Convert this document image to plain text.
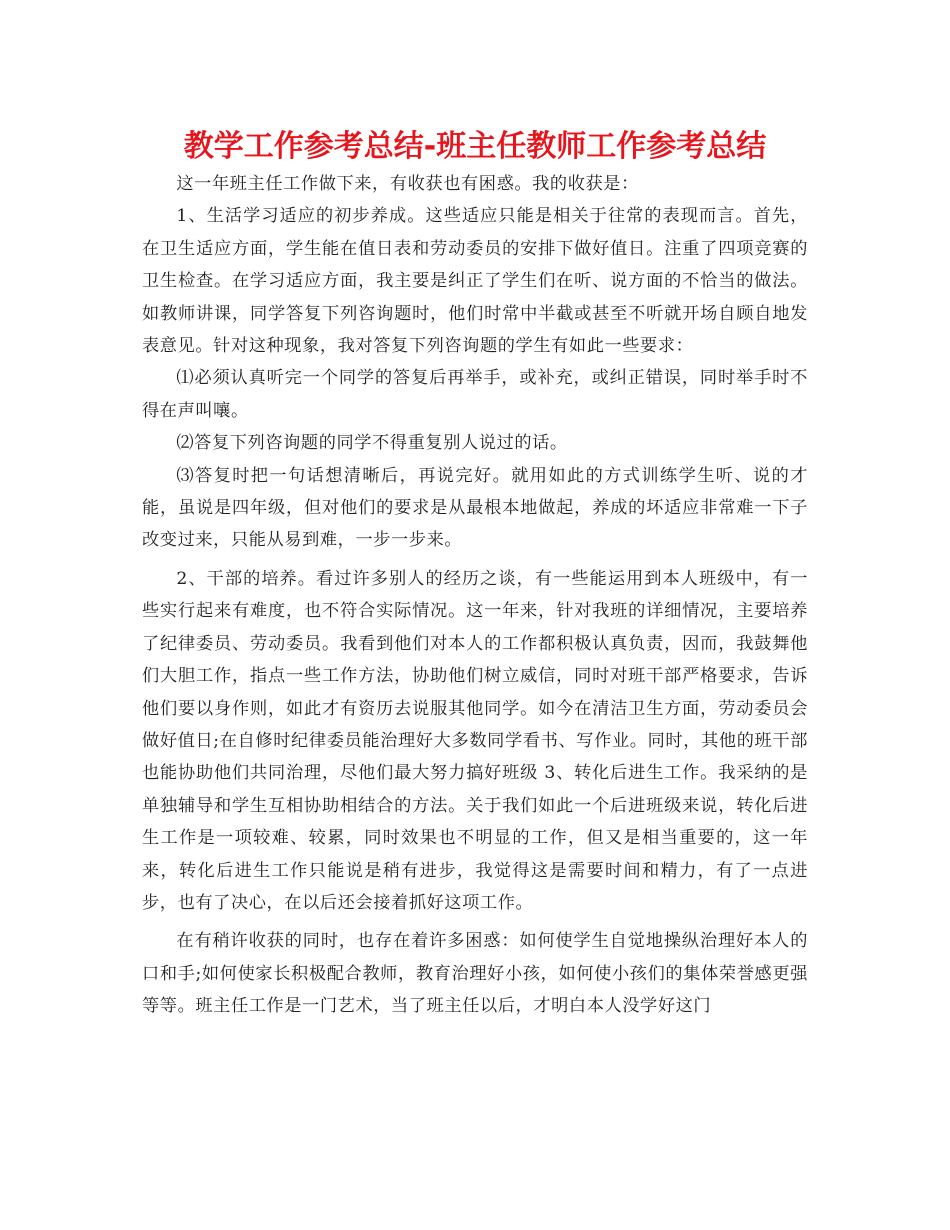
教学工作参考总结-班主任教师工作参考总结

这一年班主任工作做下来，有收获也有困惑。我的收获是：

1、生活学习适应的初步养成。这些适应只能是相关于往常的表现而言。首先，在卫生适应方面，学生能在值日表和劳动委员的安排下做好值日。注重了四项竞赛的卫生检查。在学习适应方面，我主要是纠正了学生们在听、说方面的不恰当的做法。如教师讲课，同学答复下列咨询题时，他们时常中半截或甚至不听就开场自顾自地发表意见。针对这种现象，我对答复下列咨询题的学生有如此一些要求：

⑴必须认真听完一个同学的答复后再举手，或补充，或纠正错误，同时举手时不得在声叫嚷。

⑵答复下列咨询题的同学不得重复别人说过的话。

⑶答复时把一句话想清晰后，再说完好。就用如此的方式训练学生听、说的才能，虽说是四年级，但对他们的要求是从最根本地做起，养成的坏适应非常难一下子改变过来，只能从易到难，一步一步来。

2、干部的培养。看过许多别人的经历之谈，有一些能运用到本人班级中，有一些实行起来有难度，也不符合实际情况。这一年来，针对我班的详细情况，主要培养了纪律委员、劳动委员。我看到他们对本人的工作都积极认真负责，因而，我鼓舞他们大胆工作，指点一些工作方法，协助他们树立威信，同时对班干部严格要求，告诉他们要以身作则，如此才有资历去说服其他同学。如今在清洁卫生方面，劳动委员会做好值日;在自修时纪律委员能治理好大多数同学看书、写作业。同时，其他的班干部也能协助他们共同治理，尽他们最大努力搞好班级 3、转化后进生工作。我采纳的是单独辅导和学生互相协助相结合的方法。关于我们如此一个后进班级来说，转化后进生工作是一项较难、较累，同时效果也不明显的工作，但又是相当重要的，这一年来，转化后进生工作只能说是稍有进步，我觉得这是需要时间和精力，有了一点进步，也有了决心，在以后还会接着抓好这项工作。

在有稍许收获的同时，也存在着许多困惑：如何使学生自觉地操纵治理好本人的口和手;如何使家长积极配合教师，教育治理好小孩，如何使小孩们的集体荣誉感更强等等。班主任工作是一门艺术，当了班主任以后，才明白本人没学好这门
